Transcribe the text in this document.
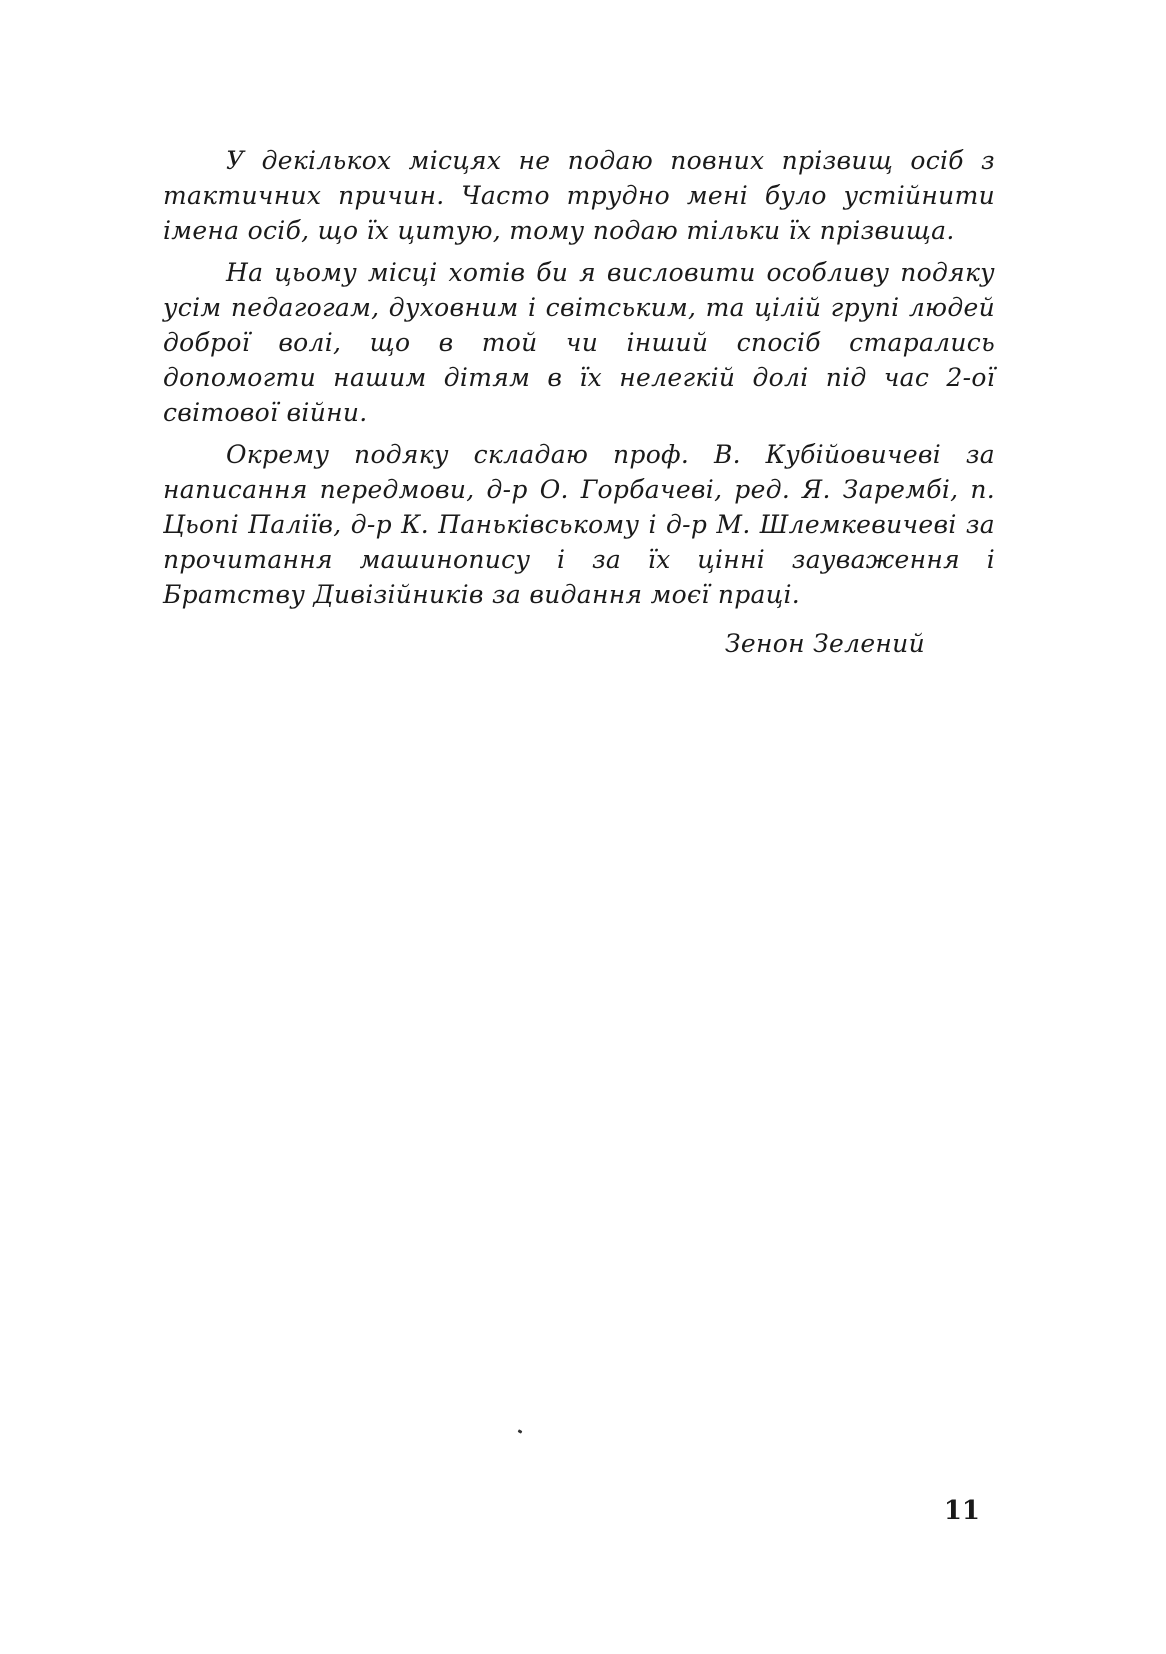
У декількох місцях не подаю повних прізвищ осіб з тактичних причин. Часто трудно мені було устійнити імена осіб, що їх цитую, тому подаю тільки їх прізвища.

На цьому місці хотів би я висловити особливу подяку усім педагогам, духовним і світським, та цілій групі людей доброї волі, що в той чи інший спосіб старались допомогти нашим дітям в їх нелегкій долі під час 2-ої світової війни.

Окрему подяку складаю проф. В. Кубійовичеві за написання передмови, д-р О. Горбачеві, ред. Я. Зарембі, п. Цьопі Паліїв, д-р К. Паньківському і д-р М. Шлемкевичеві за прочитання машинопису і за їх цінні зауваження і Братству Дивізійників за видання моєї праці.

Зенон Зелений
11
